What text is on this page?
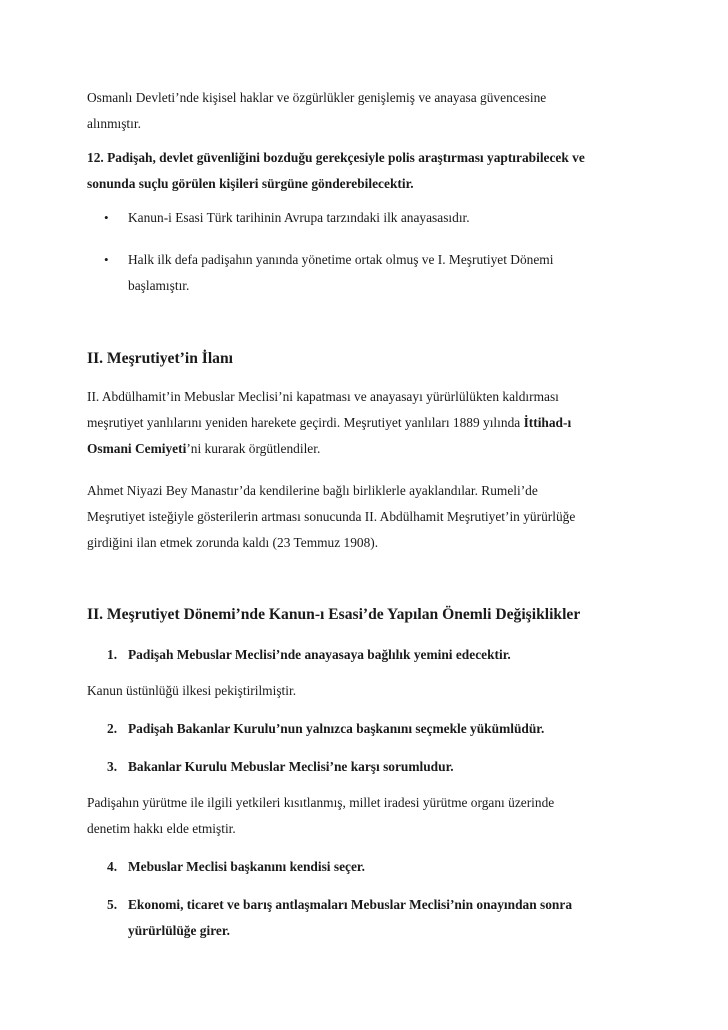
Osmanlı Devleti’nde kişisel haklar ve özgürlükler genişlemiş ve anayasa güvencesine

alınmıştır.

12. Padişah, devlet güvenliğini bozduğu gerekçesiyle polis araştırması yaptırabilecek ve

sonunda suçlu görülen kişileri sürgüne gönderebilecektir.

• Kanun-i Esasi Türk tarihinin Avrupa tarzındaki ilk anayasasıdır.

• Halk ilk defa padişahın yanında yönetime ortak olmuş ve I. Meşrutiyet Dönemi

başlamıştır.

II. Meşrutiyet’in İlanı

II. Abdülhamit’in Mebuslar Meclisi’ni kapatması ve anayasayı yürürlülükten kaldırması

meşrutiyet yanlılarını yeniden harekete geçirdi. Meşrutiyet yanlıları 1889 yılında İttihad-ı

Osmani Cemiyeti’ni kurarak örgütlendiler.

Ahmet Niyazi Bey Manastır’da kendilerine bağlı birliklerle ayaklandılar. Rumeli’de

Meşrutiyet isteğiyle gösterilerin artması sonucunda II. Abdülhamit Meşrutiyet’in yürürlüğe

girdiğini ilan etmek zorunda kaldı (23 Temmuz 1908).

II. Meşrutiyet Dönemi’nde Kanun-ı Esasi’de Yapılan Önemli Değişiklikler

1. Padişah Mebuslar Meclisi’nde anayasaya bağlılık yemini edecektir.

Kanun üstünlüğü ilkesi pekiştirilmiştir.

2. Padişah Bakanlar Kurulu’nun yalnızca başkanını seçmekle yükümlüdür.

3. Bakanlar Kurulu Mebuslar Meclisi’ne karşı sorumludur.

Padişahın yürütme ile ilgili yetkileri kısıtlanmış, millet iradesi yürütme organı üzerinde

denetim hakkı elde etmiştir.

4. Mebuslar Meclisi başkanını kendisi seçer.

5. Ekonomi, ticaret ve barış antlaşmaları Mebuslar Meclisi’nin onayından sonra

yürürlülüğe girer.
